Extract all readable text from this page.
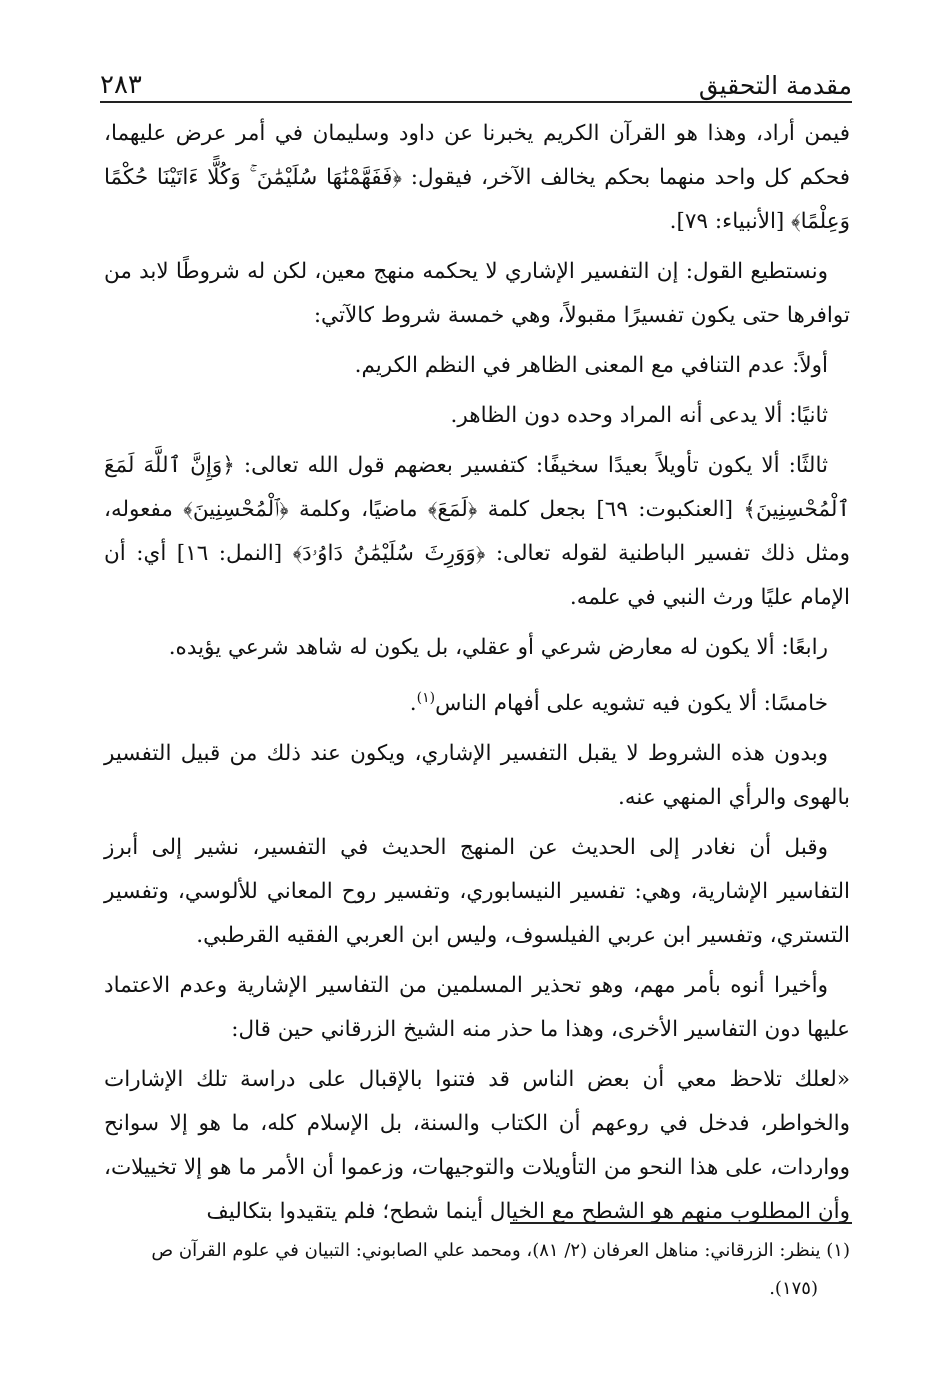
٢٨٣	مقدمة التحقيق

فيمن أراد، وهذا هو القرآن الكريم يخبرنا عن داود وسليمان في أمر عرض عليهما، فحكم كل واحد منهما بحكم يخالف الآخر، فيقول: ﴿فَفَهَّمْنَٰهَا سُلَيْمَٰنَ ۚ وَكُلًّا ءَاتَيْنَا حُكْمًا وَعِلْمًا﴾ [الأنبياء: ٧٩].

ونستطيع القول: إن التفسير الإشاري لا يحكمه منهج معين، لكن له شروطًا لابد من توافرها حتى يكون تفسيرًا مقبولاً، وهي خمسة شروط كالآتي:

أولاً: عدم التنافي مع المعنى الظاهر في النظم الكريم.

ثانيًا: ألا يدعى أنه المراد وحده دون الظاهر.

ثالثًا: ألا يكون تأويلاً بعيدًا سخيفًا: كتفسير بعضهم قول الله تعالى: ﴿وَإِنَّ ٱللَّهَ لَمَعَ ٱلْمُحْسِنِينَ﴾ [العنكبوت: ٦٩] بجعل كلمة ﴿لَمَعَ﴾ ماضيًا، وكلمة ﴿ٱلْمُحْسِنِينَ﴾ مفعوله، ومثل ذلك تفسير الباطنية لقوله تعالى: ﴿وَوَرِثَ سُلَيْمَٰنُ دَاوُۥدَ﴾ [النمل: ١٦] أي: أن الإمام عليًا ورث النبي في علمه.

رابعًا: ألا يكون له معارض شرعي أو عقلي، بل يكون له شاهد شرعي يؤيده.

خامسًا: ألا يكون فيه تشويه على أفهام الناس$^{(١)}$.

وبدون هذه الشروط لا يقبل التفسير الإشاري، ويكون عند ذلك من قبيل التفسير بالهوى والرأي المنهي عنه.

وقبل أن نغادر إلى الحديث عن المنهج الحديث في التفسير، نشير إلى أبرز التفاسير الإشارية، وهي: تفسير النيسابوري، وتفسير روح المعاني للألوسي، وتفسير التستري، وتفسير ابن عربي الفيلسوف، وليس ابن العربي الفقيه القرطبي.

وأخيرا أنوه بأمر مهم، وهو تحذير المسلمين من التفاسير الإشارية وعدم الاعتماد عليها دون التفاسير الأخرى، وهذا ما حذر منه الشيخ الزرقاني حين قال:

«لعلك تلاحظ معي أن بعض الناس قد فتنوا بالإقبال على دراسة تلك الإشارات والخواطر، فدخل في روعهم أن الكتاب والسنة، بل الإسلام كله، ما هو إلا سوانح وواردات، على هذا النحو من التأويلات والتوجيهات، وزعموا أن الأمر ما هو إلا تخييلات، وأن المطلوب منهم هو الشطح مع الخيال أينما شطح؛ فلم يتقيدوا بتكاليف

(١) ينظر: الزرقاني: مناهل العرفان (٢/ ٨١)، ومحمد علي الصابوني: التبيان في علوم القرآن ص
(١٧٥).
